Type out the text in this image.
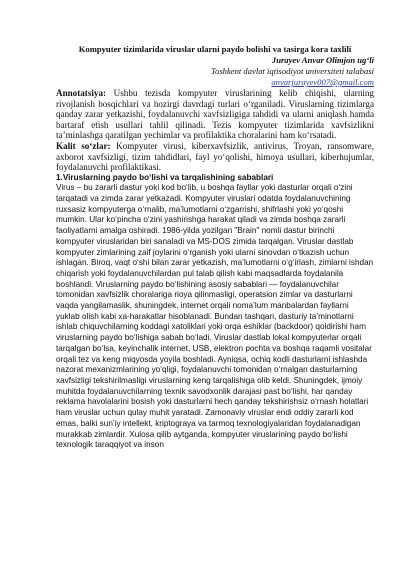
Kompyuter tizimlarida viruslar ularni paydo bolishi va tasirga kora taxlili

Jurayev Anvar Olimjon ug‘li

Toshkent davlat iqtisodiyot universiteti talabasi

anvarjurayev007@gmail.com

Annotatsiya: Ushbu tezisda kompyuter viruslarining kelib chiqishi, ularning rivojlanish bosqichlari va hozirgi davrdagi turlari o‘rganiladi. Viruslarning tizimlarga qanday zarar yetkazishi, foydalanuvchi xavfsizligiga tahdidi va ularni aniqlash hamda bartaraf etish usullari tahlil qilinadi. Tezis kompyuter tizimlarida xavfsizlikni ta’minlashga qaratilgan yechimlar va profilaktika choralarini ham ko‘rsatadi.

Kalit so‘zlar: Kompyuter virusi, kiberxavfsizlik, antivirus, Troyan, ransomware, axborot xavfsizligi, tizim tahdidlari, fayl yo‘qolishi, himoya usullari, kiberhujumlar, foydalanuvchi profilaktikasi.

1.Viruslarning paydo bo‘lishi va tarqalishining sabablari

Virus – bu zararli dastur yoki kod bo‘lib, u boshqa fayllar yoki dasturlar orqali o‘zini tarqatadi va zimda zarar yetkazadi. Kompyuter viruslari odatda foydalanuvchining ruxsasiz kompyuterga o‘rnalib, ma’lumotlarni o‘zgarrishi, shifrlashi yoki yo‘qoshi mumkin. Ular ko‘pincha o‘zini yashirishga harakat qiladi va zimda boshqa zararli faoliyatlarni amalga oshiradi. 1986-yilda yozilgan "Brain" nomli dastur birinchi kompyuter viruslaridan biri sanaladi va MS-DOS zimida tarqalgan. Viruslar dastlab kompyuter zimlarining zaif joylarini o‘rganish yoki ularni sinovdan o‘tkazish uchun ishlagan. Biroq, vaqt o‘shi bilan zarar yetkazish, ma’lumotlarni o‘g‘irlash, zimlarni ishdan chiqarish yoki foydalanuvchilardan pul talab qilish kabi maqsadlarda foydalanila boshlandi. Viruslarning paydo bo‘lishining asosiy sabablari — foydalanuvchilar tomonidan xavfsizlik choralariga rioya qilinmasligi, operatsion zimlar va dasturlarni vaqda yangilamaslik, shuningdek, internet orqali noma’lum manbalardan fayllarni yuklab olish kabi xa-harakatlar hisoblanadi. Bundan tashqari, dasturiy ta’minotlarni ishlab chiquvchilarning koddagi xatoliklari yoki orqa eshiklar (backdoor) qoldirishi ham viruslarning paydo bo‘lishiga sabab bo‘ladi. Viruslar dastlab lokal kompyuterlar orqali tarqalgan bo‘lsa, keyinchalik internet, USB, elektron pochta va boshqa raqamli vositalar orqali tez va keng miqyosda yoyila boshladi. Ayniqsa, ochiq kodli dasturlarni ishlashda nazorat mexanizmlarining yo‘qligi, foydalanuvchi tomonidan o‘rnalgan dasturlarning xavfsizligi tekshirilmasligi viruslarning keng tarqalishiga olib keldi. Shuningdek, ijmoiy muhitda foydalanuvchilarning texnik savodxonlik darajasi past bo‘lishi, har qanday reklama havolalarini bosish yoki dasturlarni hech qanday tekshirishsiz o‘rnash holatlari ham viruslar uchun qulay muhit yaratadi. Zamonaviy viruslar endi oddiy zararli kod emas, balki sun’iy intellekt, kriptograya va tarmoq texnologiyalaridan foydalanadigan murakkab zimlardir. Xulosa qilib aytganda, kompyuter viruslarining paydo bo‘lishi texnologik taraqqiyot va inson
